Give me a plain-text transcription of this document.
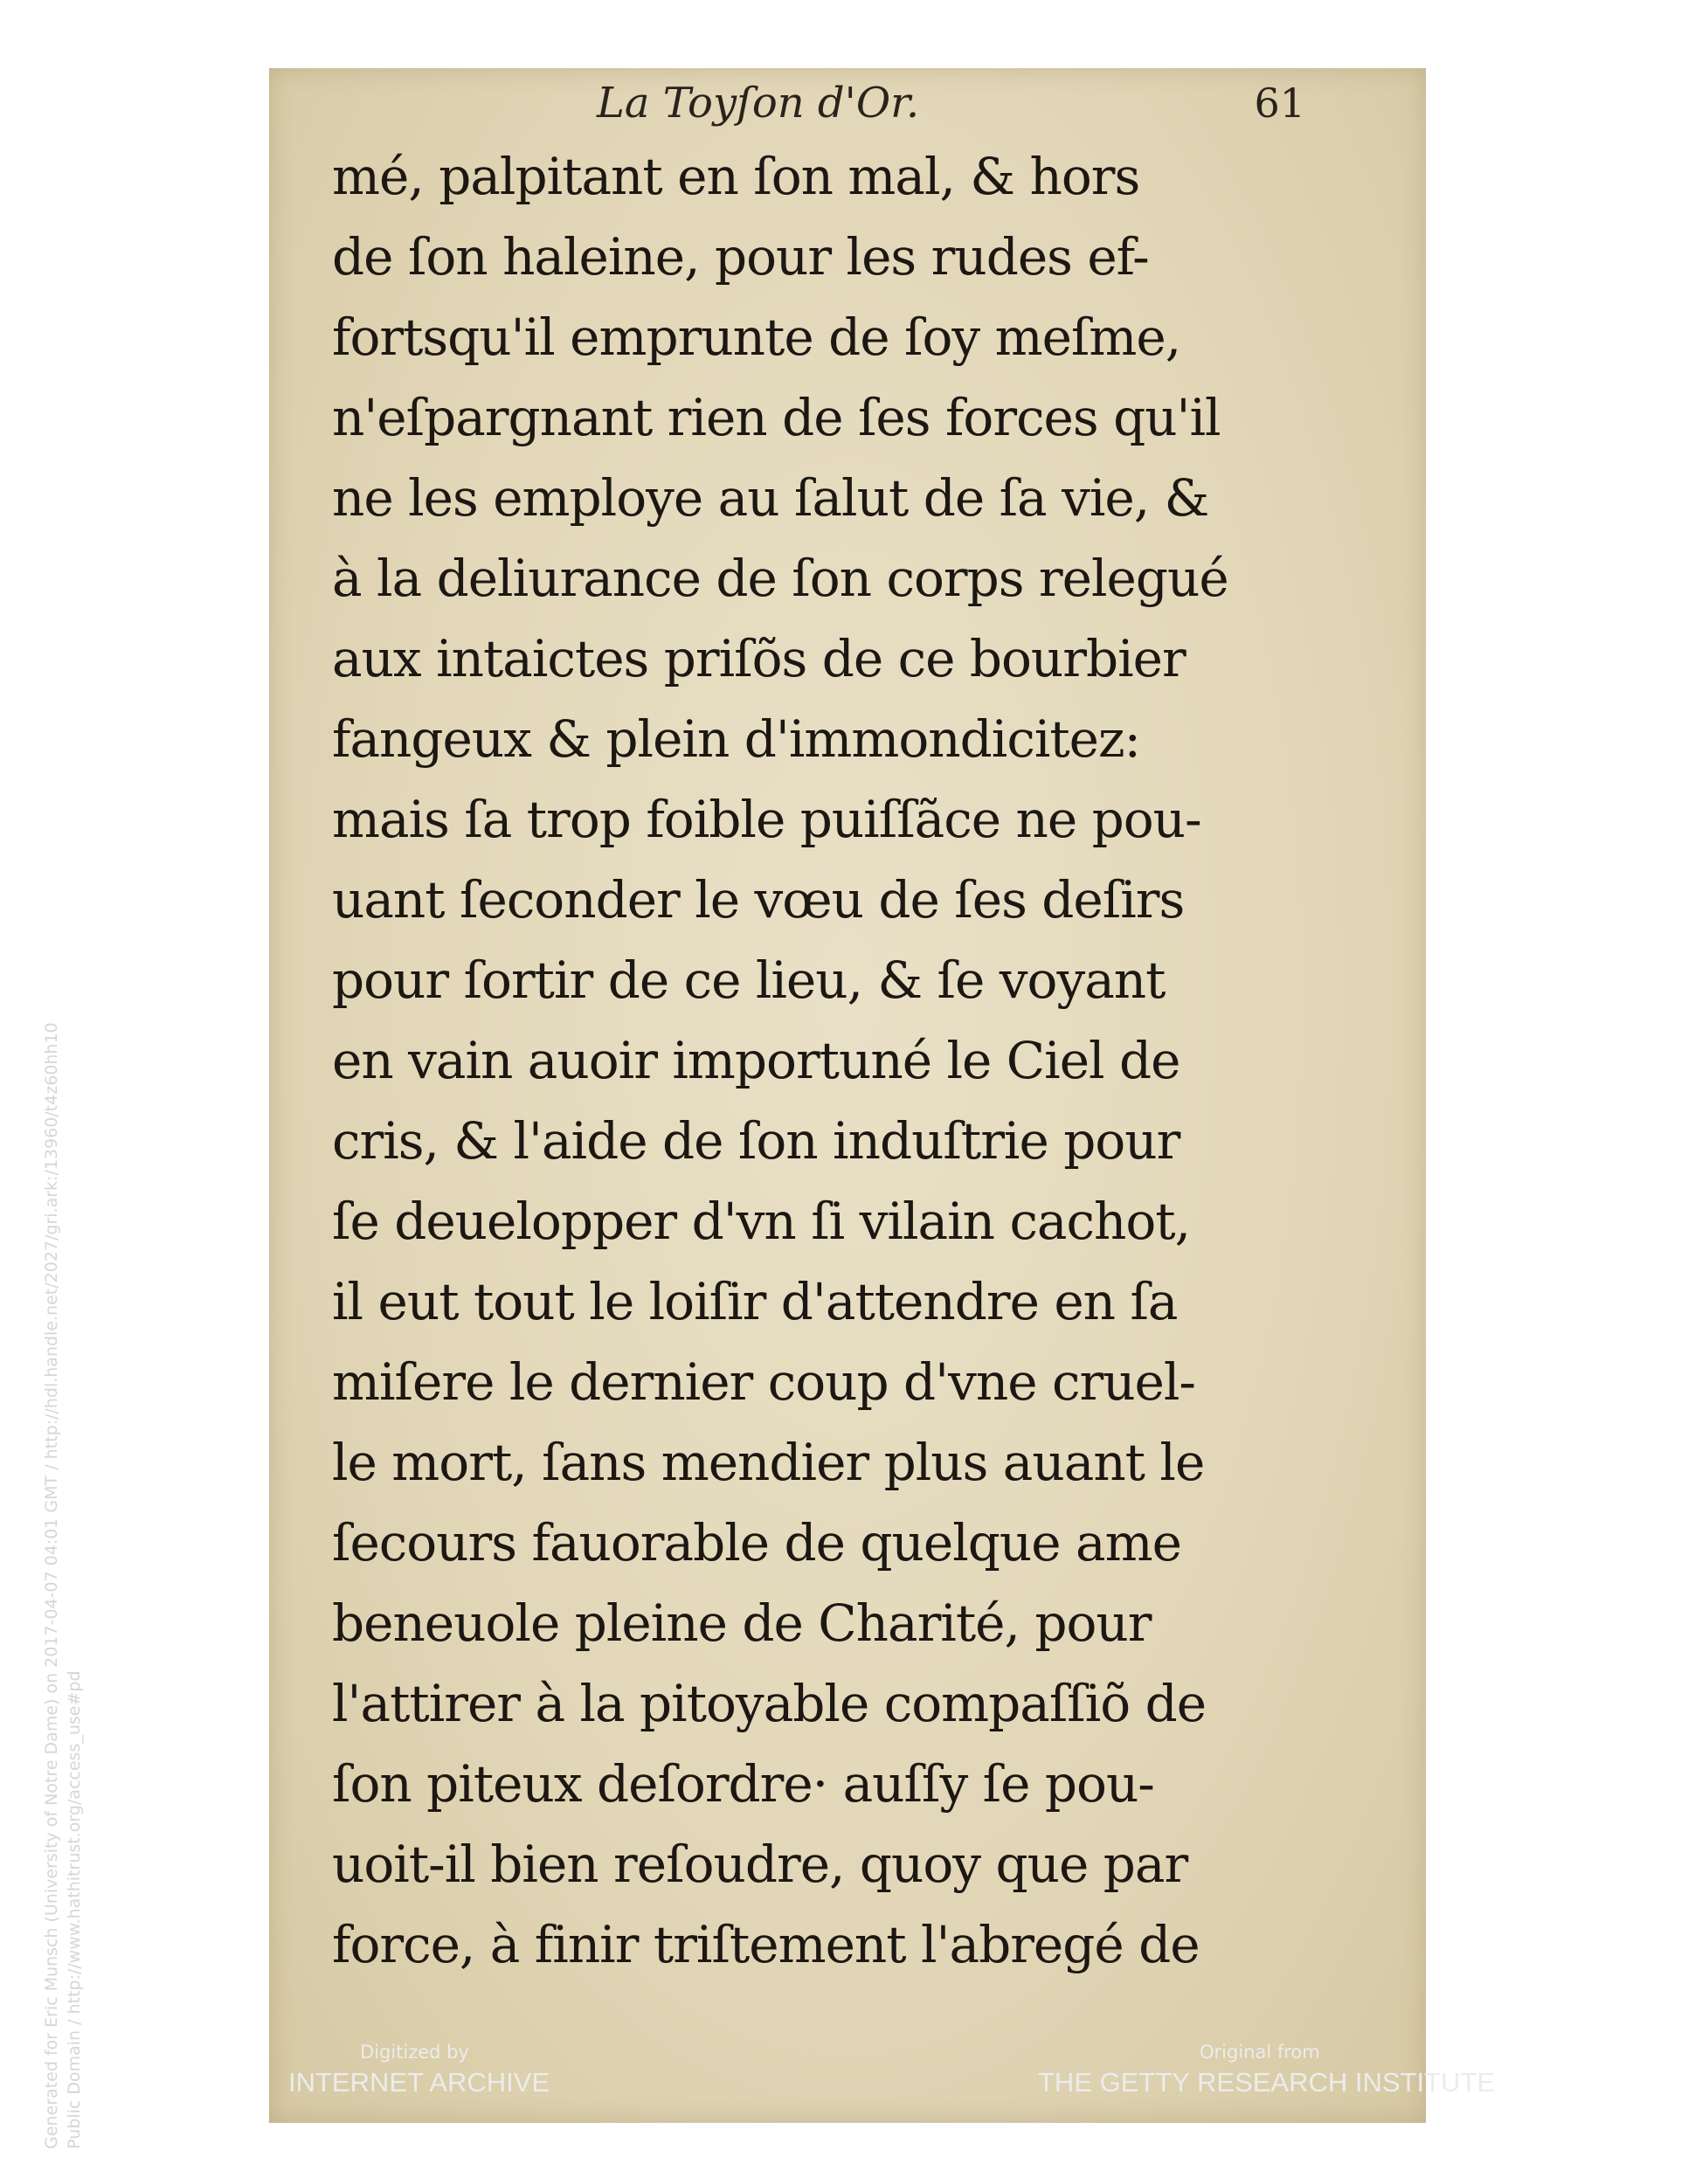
Generated for Eric Munsch (University of Notre Dame) on 2017-04-07 04:01 GMT / http://hdl.handle.net/2027/gri.ark:/13960/t4z60hh10 Public Domain / http://www.hathitrust.org/access_use#pd
La Toyſon d'Or.	61
mé, palpitant en ſon mal, & hors
de ſon haleine, pour les rudes ef-
fortsqu'il emprunte de ſoy meſme,
n'eſpargnant rien de ſes forces qu'il
ne les employe au ſalut de ſa vie, &
à la deliurance de ſon corps relegué
aux intaictes priſõs de ce bourbier
fangeux & plein d'immondicitez:
mais ſa trop foible puiſſãce ne pou-
uant ſeconder le vœu de ſes deſirs
pour ſortir de ce lieu, & ſe voyant
en vain auoir importuné le Ciel de
cris, & l'aide de ſon induſtrie pour
ſe deuelopper d'vn ſi vilain cachot,
il eut tout le loiſir d'attendre en ſa
miſere le dernier coup d'vne cruel-
le mort, ſans mendier plus auant le
ſecours fauorable de quelque ame
beneuole pleine de Charité, pour
l'attirer à la pitoyable compaſſiõ de
ſon piteux deſordre· auſſy ſe pou-
uoit-il bien reſoudre, quoy que par
force, à finir triſtement l'abregé de
Digitized by
INTERNET ARCHIVE
Original from
THE GETTY RESEARCH INSTITUTE
